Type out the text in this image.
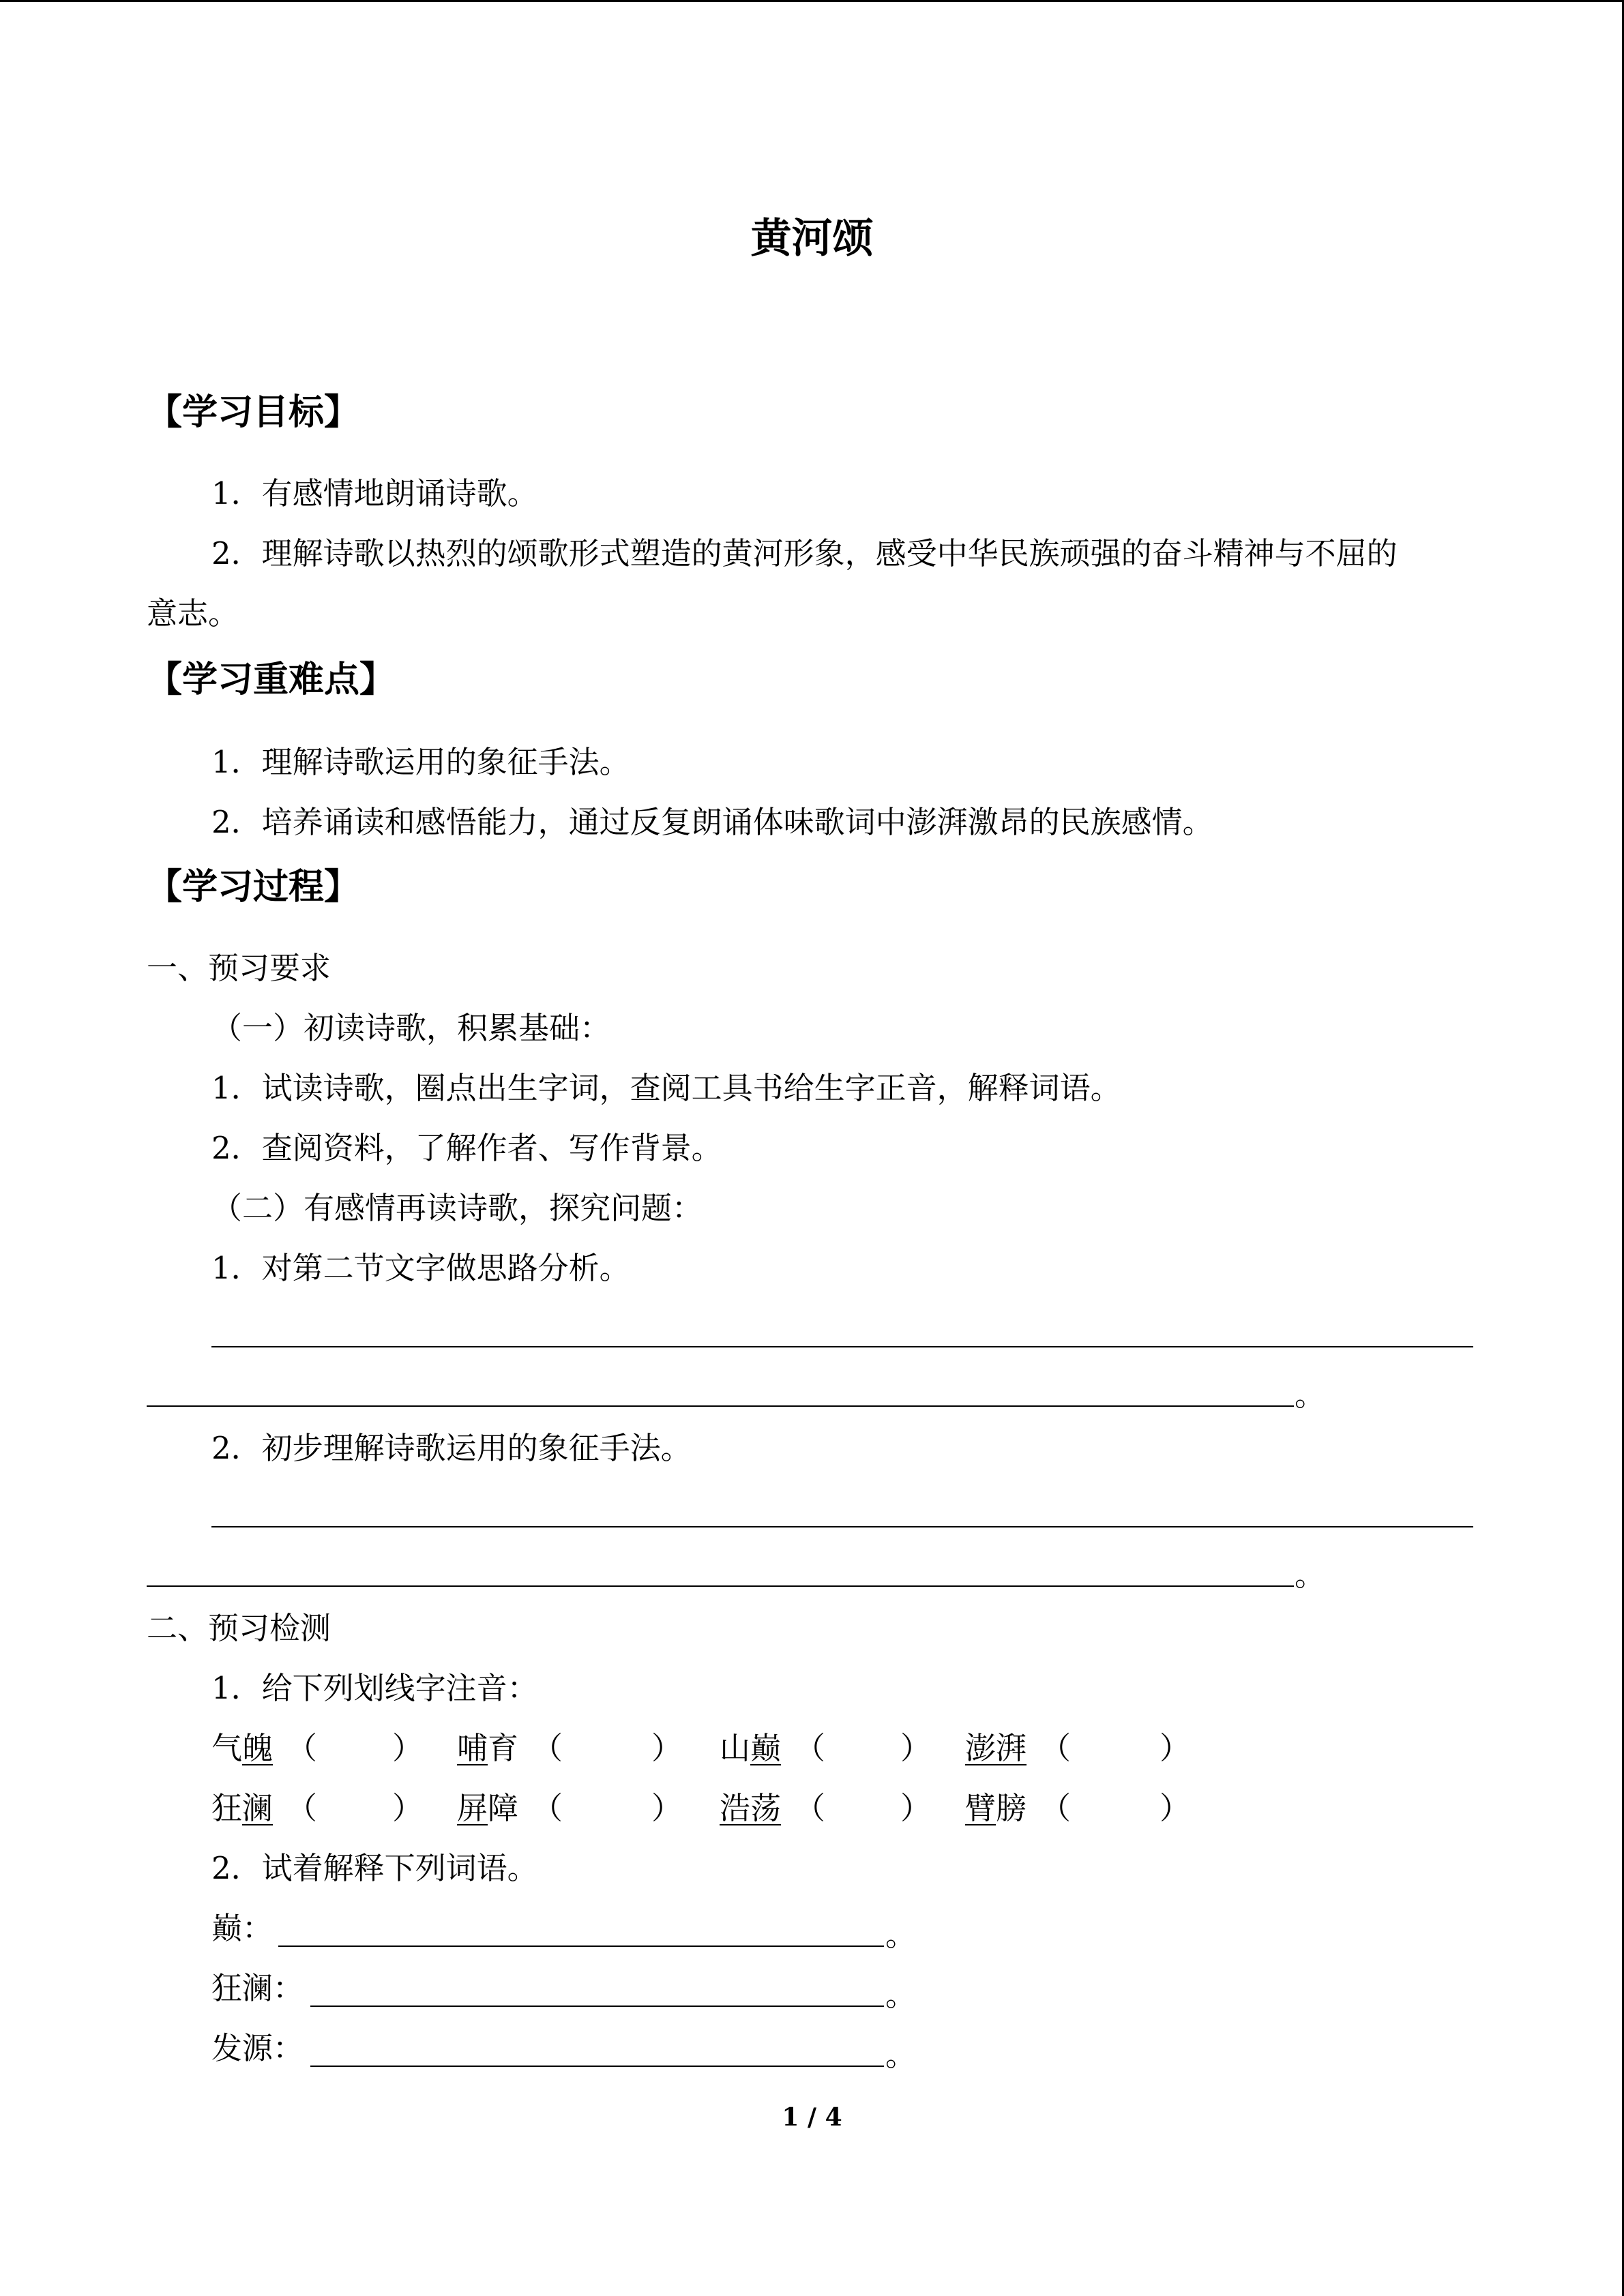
黄河颂
【学习目标】
1．有感情地朗诵诗歌。
2．理解诗歌以热烈的颂歌形式塑造的黄河形象，感受中华民族顽强的奋斗精神与不屈的
意志。
【学习重难点】
1．理解诗歌运用的象征手法。
2．培养诵读和感悟能力，通过反复朗诵体味歌词中澎湃激昂的民族感情。
【学习过程】
一、预习要求
（一）初读诗歌，积累基础：
1．试读诗歌，圈点出生字词，查阅工具书给生字正音，解释词语。
2．查阅资料，了解作者、写作背景。
（二）有感情再读诗歌，探究问题：
1．对第二节文字做思路分析。
。
2．初步理解诗歌运用的象征手法。
。
二、预习检测
1．给下列划线字注音：
气魄 （ ） 哺育 （	） 山巅 （ ） 澎湃 （	）
狂澜 （ ） 屏障 （	） 浩荡 （ ） 臂膀 （	）
2．试着解释下列词语。
巅：	。
狂澜：	。
发源：	。
1 / 4
